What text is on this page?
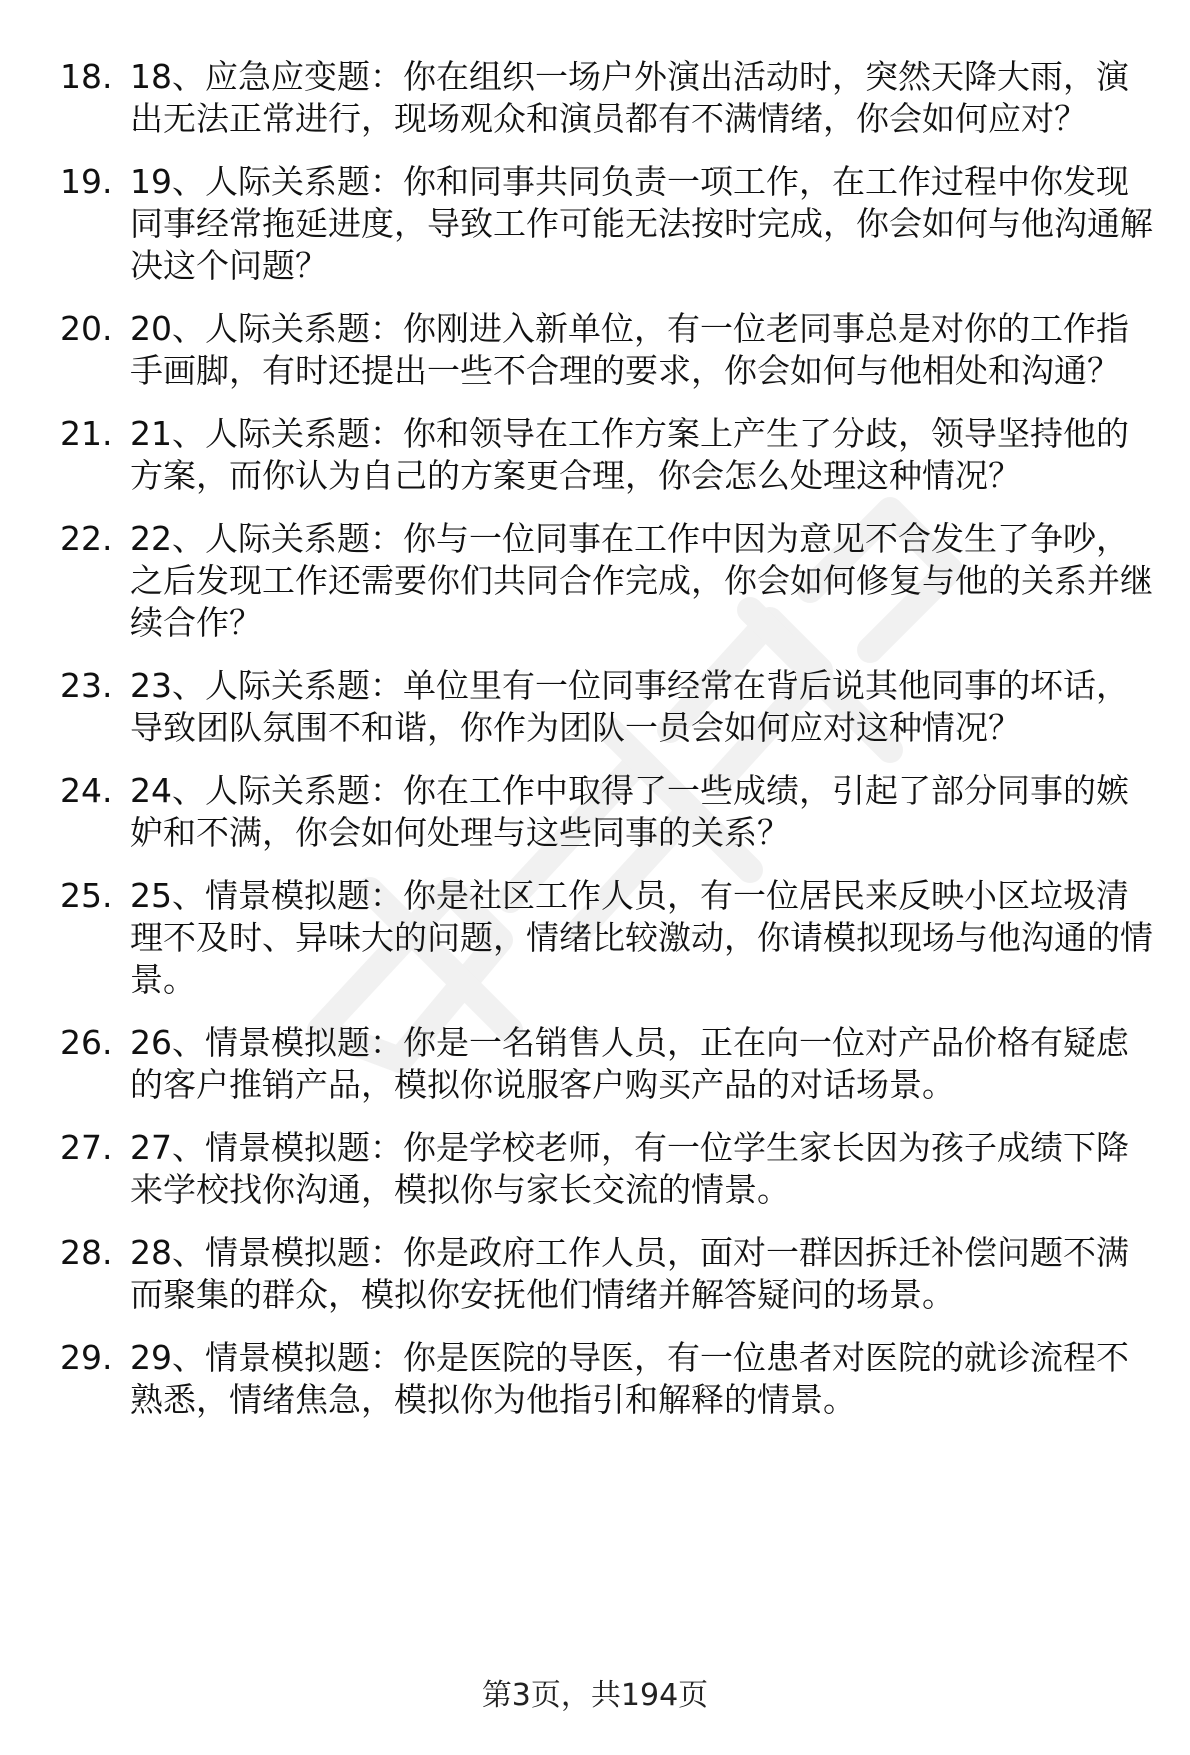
18. 18、应急应变题：你在组织一场户外演出活动时，突然天降大雨，演出无法正常进行，现场观众和演员都有不满情绪，你会如何应对？
19. 19、人际关系题：你和同事共同负责一项工作，在工作过程中你发现同事经常拖延进度，导致工作可能无法按时完成，你会如何与他沟通解决这个问题？
20. 20、人际关系题：你刚进入新单位，有一位老同事总是对你的工作指手画脚，有时还提出一些不合理的要求，你会如何与他相处和沟通？
21. 21、人际关系题：你和领导在工作方案上产生了分歧，领导坚持他的方案，而你认为自己的方案更合理，你会怎么处理这种情况？
22. 22、人际关系题：你与一位同事在工作中因为意见不合发生了争吵，之后发现工作还需要你们共同合作完成，你会如何修复与他的关系并继续合作？
23. 23、人际关系题：单位里有一位同事经常在背后说其他同事的坏话，导致团队氛围不和谐，你作为团队一员会如何应对这种情况？
24. 24、人际关系题：你在工作中取得了一些成绩，引起了部分同事的嫉妒和不满，你会如何处理与这些同事的关系？
25. 25、情景模拟题：你是社区工作人员，有一位居民来反映小区垃圾清理不及时、异味大的问题，情绪比较激动，你请模拟现场与他沟通的情景。
26. 26、情景模拟题：你是一名销售人员，正在向一位对产品价格有疑虑的客户推销产品，模拟你说服客户购买产品的对话场景。
27. 27、情景模拟题：你是学校老师，有一位学生家长因为孩子成绩下降来学校找你沟通，模拟你与家长交流的情景。
28. 28、情景模拟题：你是政府工作人员，面对一群因拆迁补偿问题不满而聚集的群众，模拟你安抚他们情绪并解答疑问的场景。
29. 29、情景模拟题：你是医院的导医，有一位患者对医院的就诊流程不熟悉，情绪焦急，模拟你为他指引和解释的情景。
第3页，共194页
